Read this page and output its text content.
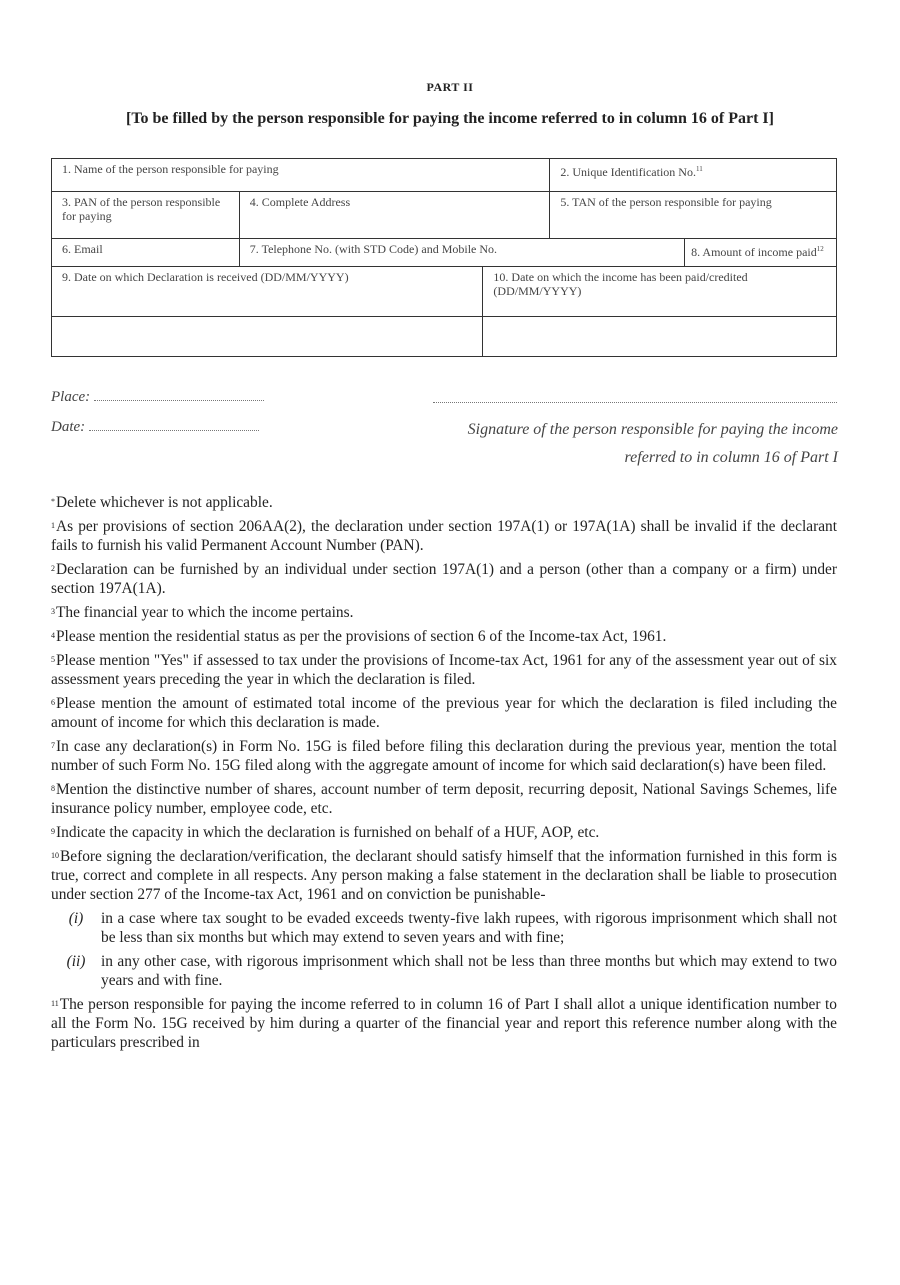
PART II
[To be filled by the person responsible for paying the income referred to in column 16 of Part I]
1. Name of the person responsible for paying			2. Unique Identification No.$^{11}$
3. PAN of the person responsible for paying	4. Complete Address		5. TAN of the person responsible for paying	
6. Email	7. Telephone No. (with STD Code) and Mobile No.			8. Amount of income paid$^{12}$
9. Date on which Declaration is received (DD/MM/YYYY)		10. Date on which the income has been paid/credited (DD/MM/YYYY)		

Place:
Date:	Signature of the person responsible for paying the income referred to in column 16 of Part I

*Delete whichever is not applicable.

$^1$As per provisions of section 206AA(2), the declaration under section 197A(1) or 197A(1A) shall be invalid if the declarant fails to furnish his valid Permanent Account Number (PAN).

$^2$Declaration can be furnished by an individual under section 197A(1) and a person (other than a company or a firm) under section 197A(1A).

$^3$The financial year to which the income pertains.

$^4$Please mention the residential status as per the provisions of section 6 of the Income-tax Act, 1961.

$^5$Please mention "Yes" if assessed to tax under the provisions of Income-tax Act, 1961 for any of the assessment year out of six assessment years preceding the year in which the declaration is filed.

$^6$Please mention the amount of estimated total income of the previous year for which the declaration is filed including the amount of income for which this declaration is made.

$^7$In case any declaration(s) in Form No. 15G is filed before filing this declaration during the previous year, mention the total number of such Form No. 15G filed along with the aggregate amount of income for which said declaration(s) have been filed.

$^8$Mention the distinctive number of shares, account number of term deposit, recurring deposit, National Savings Schemes, life insurance policy number, employee code, etc.

$^9$Indicate the capacity in which the declaration is furnished on behalf of a HUF, AOP, etc.

$^{10}$Before signing the declaration/verification, the declarant should satisfy himself that the information furnished in this form is true, correct and complete in all respects. Any person making a false statement in the declaration shall be liable to prosecution under section 277 of the Income-tax Act, 1961 and on conviction be punishable-

(i)	in a case where tax sought to be evaded exceeds twenty-five lakh rupees, with rigorous imprisonment which shall not be less than six months but which may extend to seven years and with fine;
(ii)	in any other case, with rigorous imprisonment which shall not be less than three months but which may extend to two years and with fine.

$^{11}$The person responsible for paying the income referred to in column 16 of Part I shall allot a unique identification number to all the Form No. 15G received by him during a quarter of the financial year and report this reference number along with the particulars prescribed in
